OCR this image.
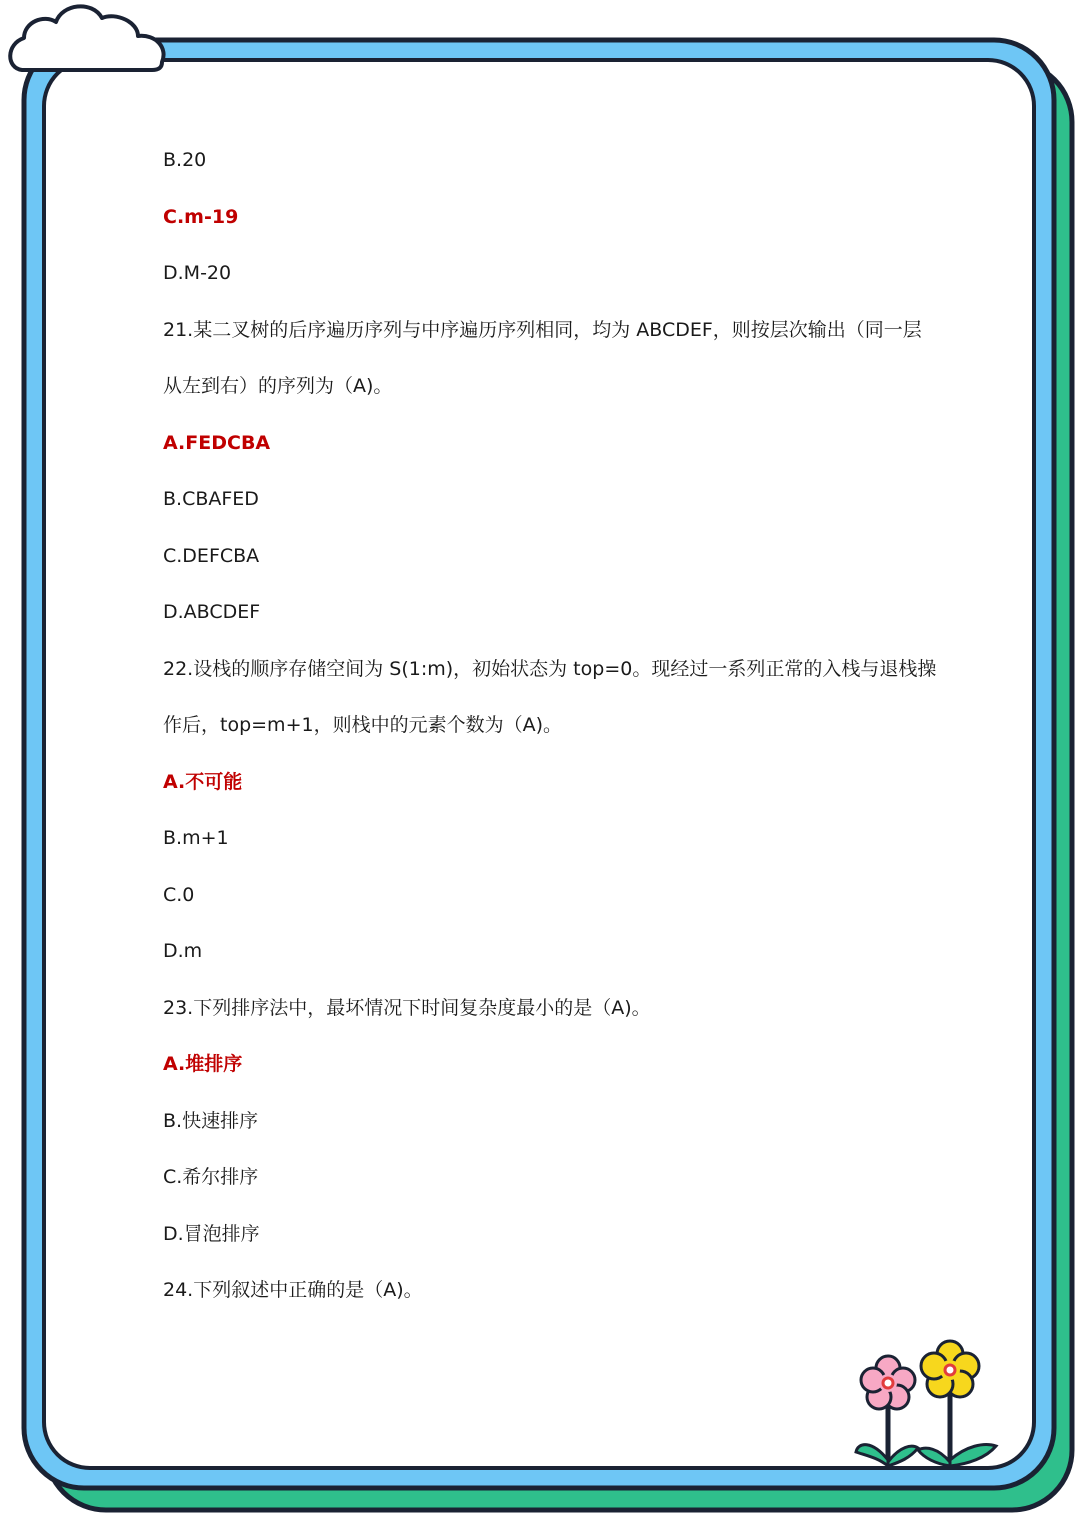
B.20
C.m-19
D.M-20
21.某二叉树的后序遍历序列与中序遍历序列相同，均为 ABCDEF，则按层次输出（同一层
从左到右）的序列为（A)。
A.FEDCBA
B.CBAFED
C.DEFCBA
D.ABCDEF
22.设栈的顺序存储空间为 S(1:m)，初始状态为 top=0。现经过一系列正常的入栈与退栈操
作后，top=m+1，则栈中的元素个数为（A)。
A.不可能
B.m+1
C.0
D.m
23.下列排序法中，最坏情况下时间复杂度最小的是（A)。
A.堆排序
B.快速排序
C.希尔排序
D.冒泡排序
24.下列叙述中正确的是（A)。
